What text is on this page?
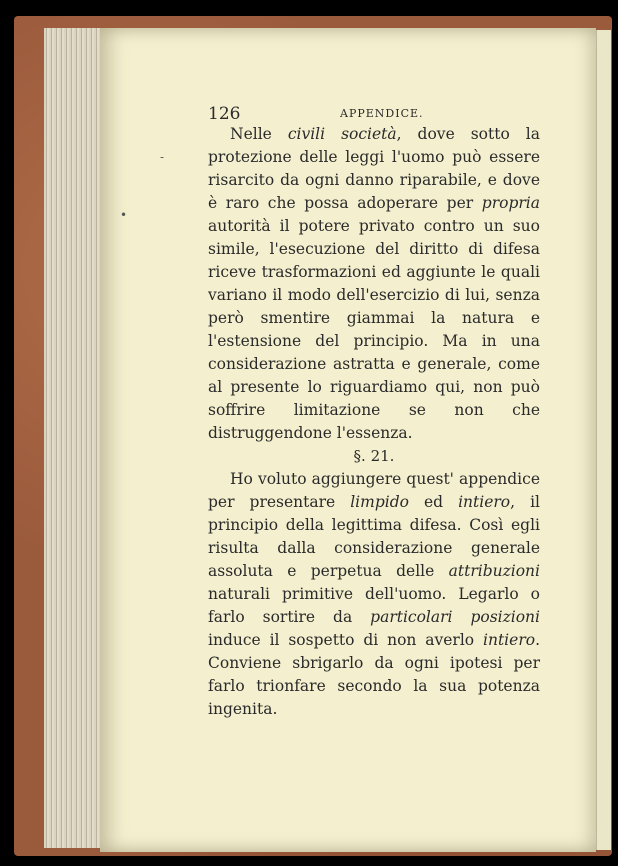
-
•
126	APPENDICE.

Nelle civili società, dove sotto la protezione delle leggi l'uomo può essere risarcito da ogni danno riparabile, e dove è raro che possa adoperare per propria autorità il potere privato contro un suo simile, l'esecuzione del diritto di difesa riceve trasformazioni ed aggiunte le quali variano il modo dell'esercizio di lui, senza però smentire giammai la natura e l'estensione del principio. Ma in una considerazione astratta e generale, come al presente lo riguardiamo qui, non può soffrire limitazione se non che distruggendone l'essenza.

§. 21.

Ho voluto aggiungere quest' appendice per presentare limpido ed intiero, il principio della legittima difesa. Così egli risulta dalla considerazione generale assoluta e perpetua delle attribuzioni naturali primitive dell'uomo. Legarlo o farlo sortire da particolari posizioni induce il sospetto di non averlo intiero. Conviene sbrigarlo da ogni ipotesi per farlo trionfare secondo la sua potenza ingenita.
